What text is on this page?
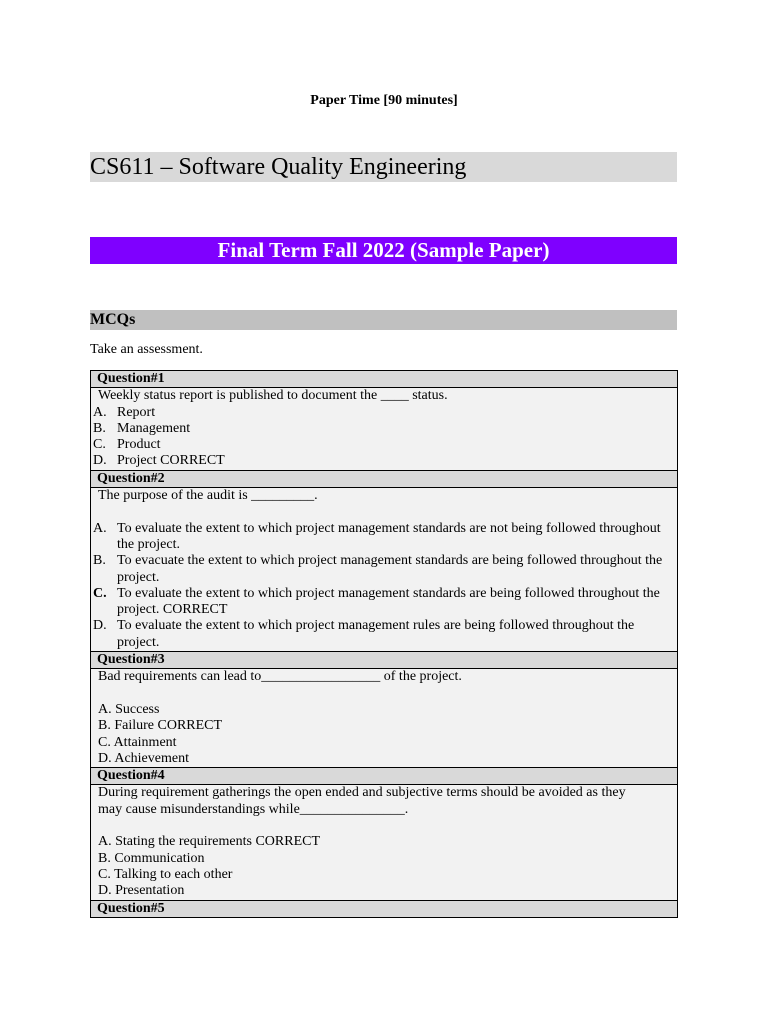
Paper Time [90 minutes]
CS611 – Software Quality Engineering
Final Term Fall 2022 (Sample Paper)
MCQs
Take an assessment.
Question#1

Weekly status report is published to document the ____ status.
A. Report
B. Management
C. Product
D. Project CORRECT

Question#2

The purpose of the audit is _________.
A. To evaluate the extent to which project management standards are not being followed throughout the project.
B. To evacuate the extent to which project management standards are being followed throughout the project.
C. To evaluate the extent to which project management standards are being followed throughout the project. CORRECT
D. To evaluate the extent to which project management rules are being followed throughout the project.

Question#3

Bad requirements can lead to_________________ of the project.
A. Success
B. Failure CORRECT
C. Attainment
D. Achievement

Question#4

During requirement gatherings the open ended and subjective terms should be avoided as they may cause misunderstandings while_______________.
A. Stating the requirements CORRECT
B. Communication
C. Talking to each other
D. Presentation

Question#5
